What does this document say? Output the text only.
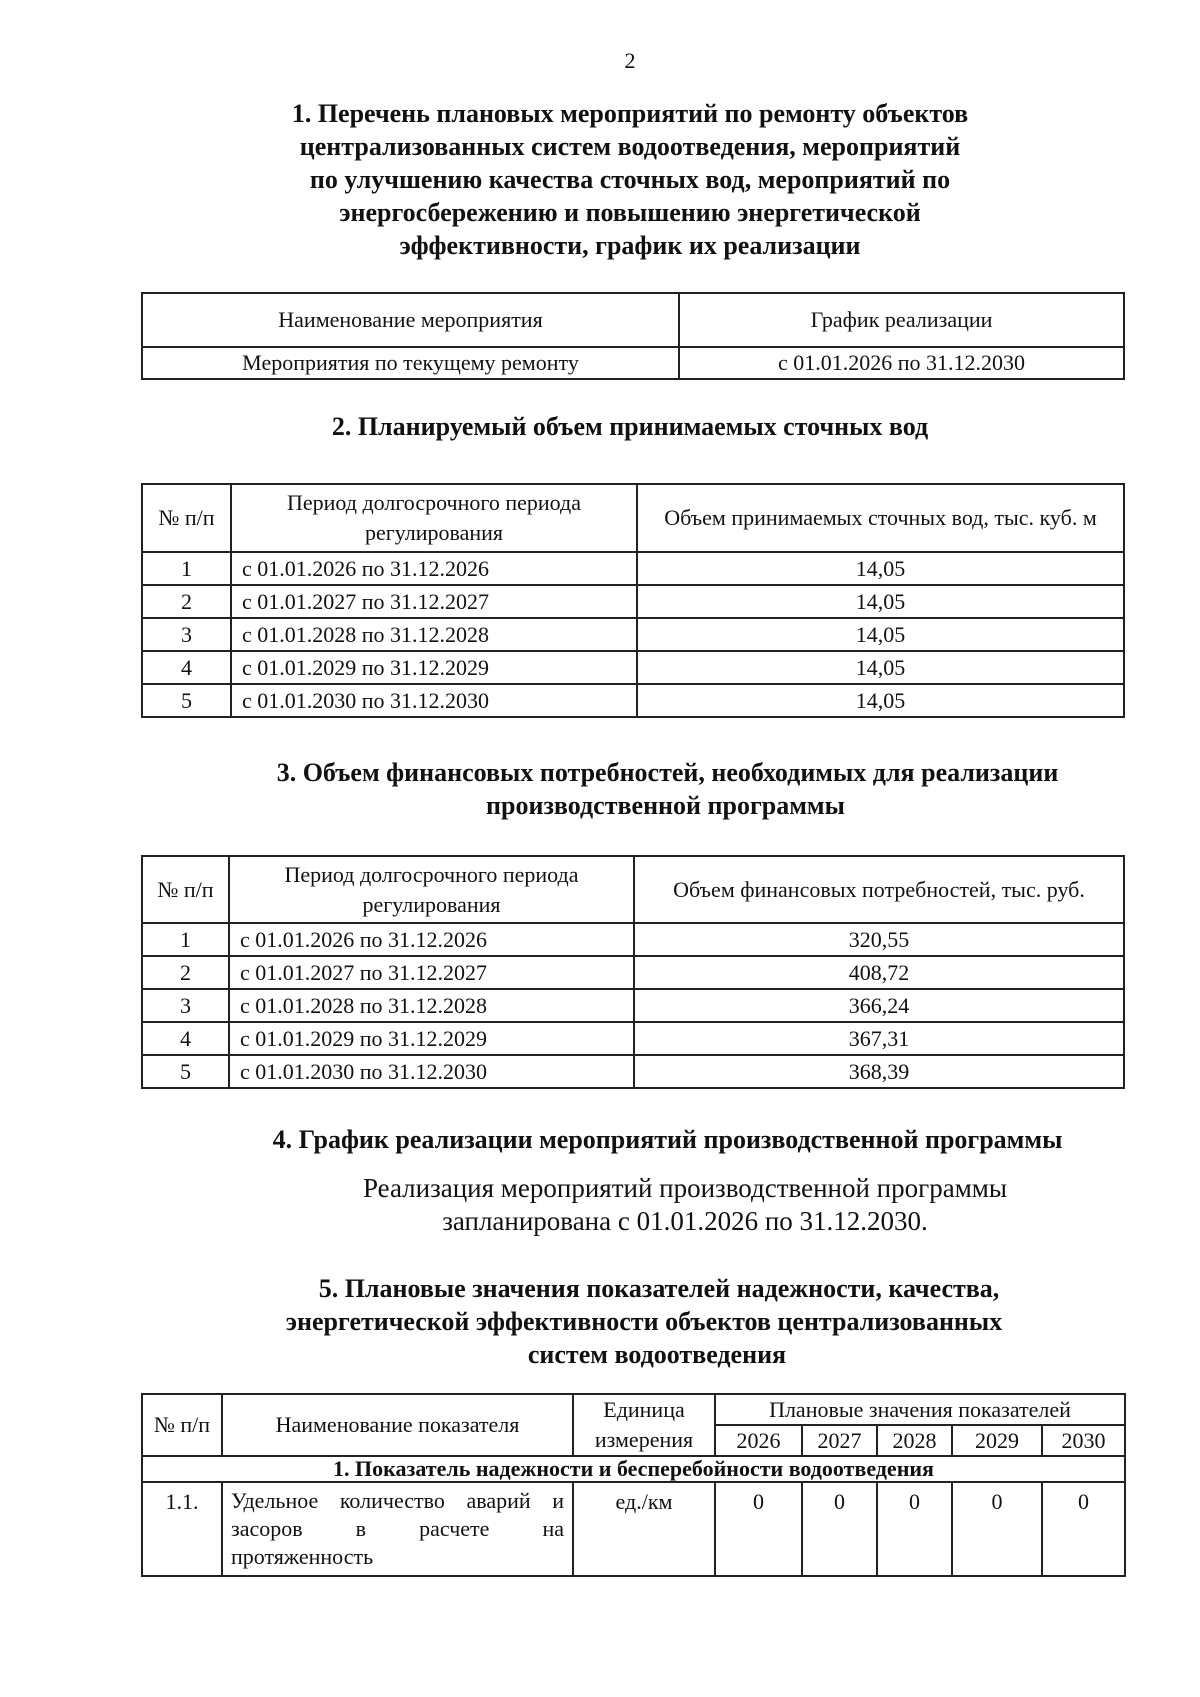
2
1. Перечень плановых мероприятий по ремонту объектов
централизованных систем водоотведения, мероприятий
по улучшению качества сточных вод, мероприятий по
энергосбережению и повышению энергетической
эффективности, график их реализации
Наименование мероприятия	График реализации
Мероприятия по текущему ремонту	с 01.01.2026 по 31.12.2030
2. Планируемый объем принимаемых сточных вод
№ п/п	Период долгосрочного периода регулирования	Объем принимаемых сточных вод, тыс. куб. м
1	с 01.01.2026 по 31.12.2026	14,05
2	с 01.01.2027 по 31.12.2027	14,05
3	с 01.01.2028 по 31.12.2028	14,05
4	с 01.01.2029 по 31.12.2029	14,05
5	с 01.01.2030 по 31.12.2030	14,05
3. Объем финансовых потребностей, необходимых для реализации
производственной программы
№ п/п	Период долгосрочного периода регулирования	Объем финансовых потребностей, тыс. руб.
1	с 01.01.2026 по 31.12.2026	320,55
2	с 01.01.2027 по 31.12.2027	408,72
3	с 01.01.2028 по 31.12.2028	366,24
4	с 01.01.2029 по 31.12.2029	367,31
5	с 01.01.2030 по 31.12.2030	368,39
4. График реализации мероприятий производственной программы
Реализация мероприятий производственной программы
запланирована с 01.01.2026 по 31.12.2030.
5. Плановые значения показателей надежности, качества,
энергетической эффективности объектов централизованных
систем водоотведения
№ п/п	Наименование показателя	Единица измерения	Плановые значения показателей				
			2026	2027	2028	2029	2030
1. Показатель надежности и бесперебойности водоотведения							
1.1.	Удельное количество аварий и засоров в расчете на протяженность	ед./км	0	0	0	0	0
